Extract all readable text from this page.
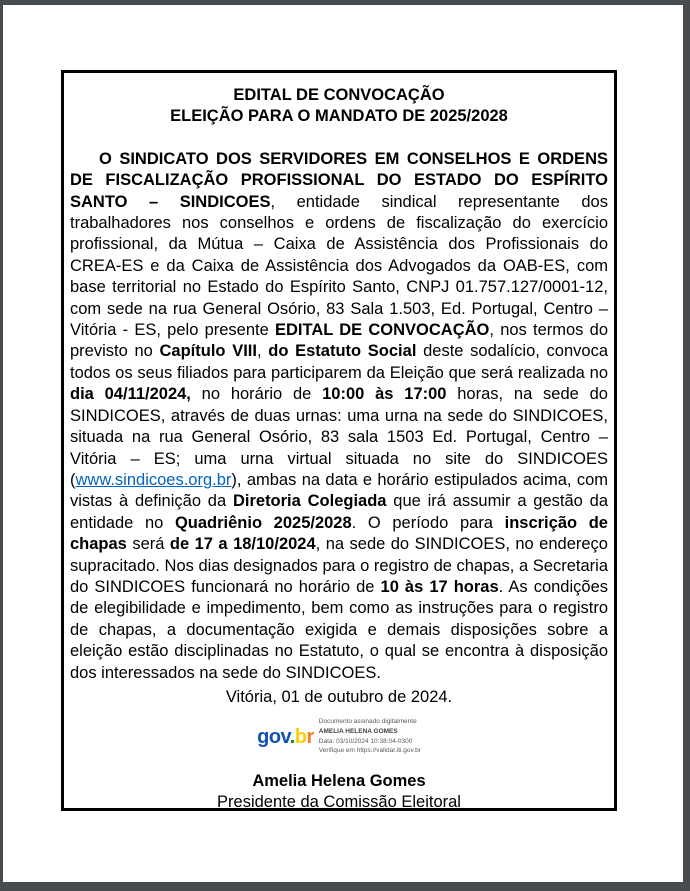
EDITAL DE CONVOCAÇÃO
ELEIÇÃO PARA O MANDATO DE 2025/2028

O SINDICATO DOS SERVIDORES EM CONSELHOS E ORDENS DE FISCALIZAÇÃO PROFISSIONAL DO ESTADO DO ESPÍRITO SANTO – SINDICOES, entidade sindical representante dos trabalhadores nos conselhos e ordens de fiscalização do exercício profissional, da Mútua – Caixa de Assistência dos Profissionais do CREA-ES e da Caixa de Assistência dos Advogados da OAB-ES, com base territorial no Estado do Espírito Santo, CNPJ 01.757.127/0001-12, com sede na rua General Osório, 83 Sala 1.503, Ed. Portugal, Centro – Vitória - ES, pelo presente EDITAL DE CONVOCAÇÃO, nos termos do previsto no Capítulo VIII, do Estatuto Social deste sodalício, convoca todos os seus filiados para participarem da Eleição que será realizada no dia 04/11/2024, no horário de 10:00 às 17:00 horas, na sede do SINDICOES, através de duas urnas: uma urna na sede do SINDICOES, situada na rua General Osório, 83 sala 1503 Ed. Portugal, Centro – Vitória – ES; uma urna virtual situada no site do SINDICOES (www.sindicoes.org.br), ambas na data e horário estipulados acima, com vistas à definição da Diretoria Colegiada que irá assumir a gestão da entidade no Quadriênio 2025/2028. O período para inscrição de chapas será de 17 a 18/10/2024, na sede do SINDICOES, no endereço supracitado. Nos dias designados para o registro de chapas, a Secretaria do SINDICOES funcionará no horário de 10 às 17 horas. As condições de elegibilidade e impedimento, bem como as instruções para o registro de chapas, a documentação exigida e demais disposições sobre a eleição estão disciplinadas no Estatuto, o qual se encontra à disposição dos interessados na sede do SINDICOES.

Vitória, 01 de outubro de 2024.
gov.br
Documento assinado digitalmente
AMELIA HELENA GOMES
Data: 03/10/2024 10:38:04-0300
Verifique em https://validar.iti.gov.br
Amelia Helena Gomes
Presidente da Comissão Eleitoral
